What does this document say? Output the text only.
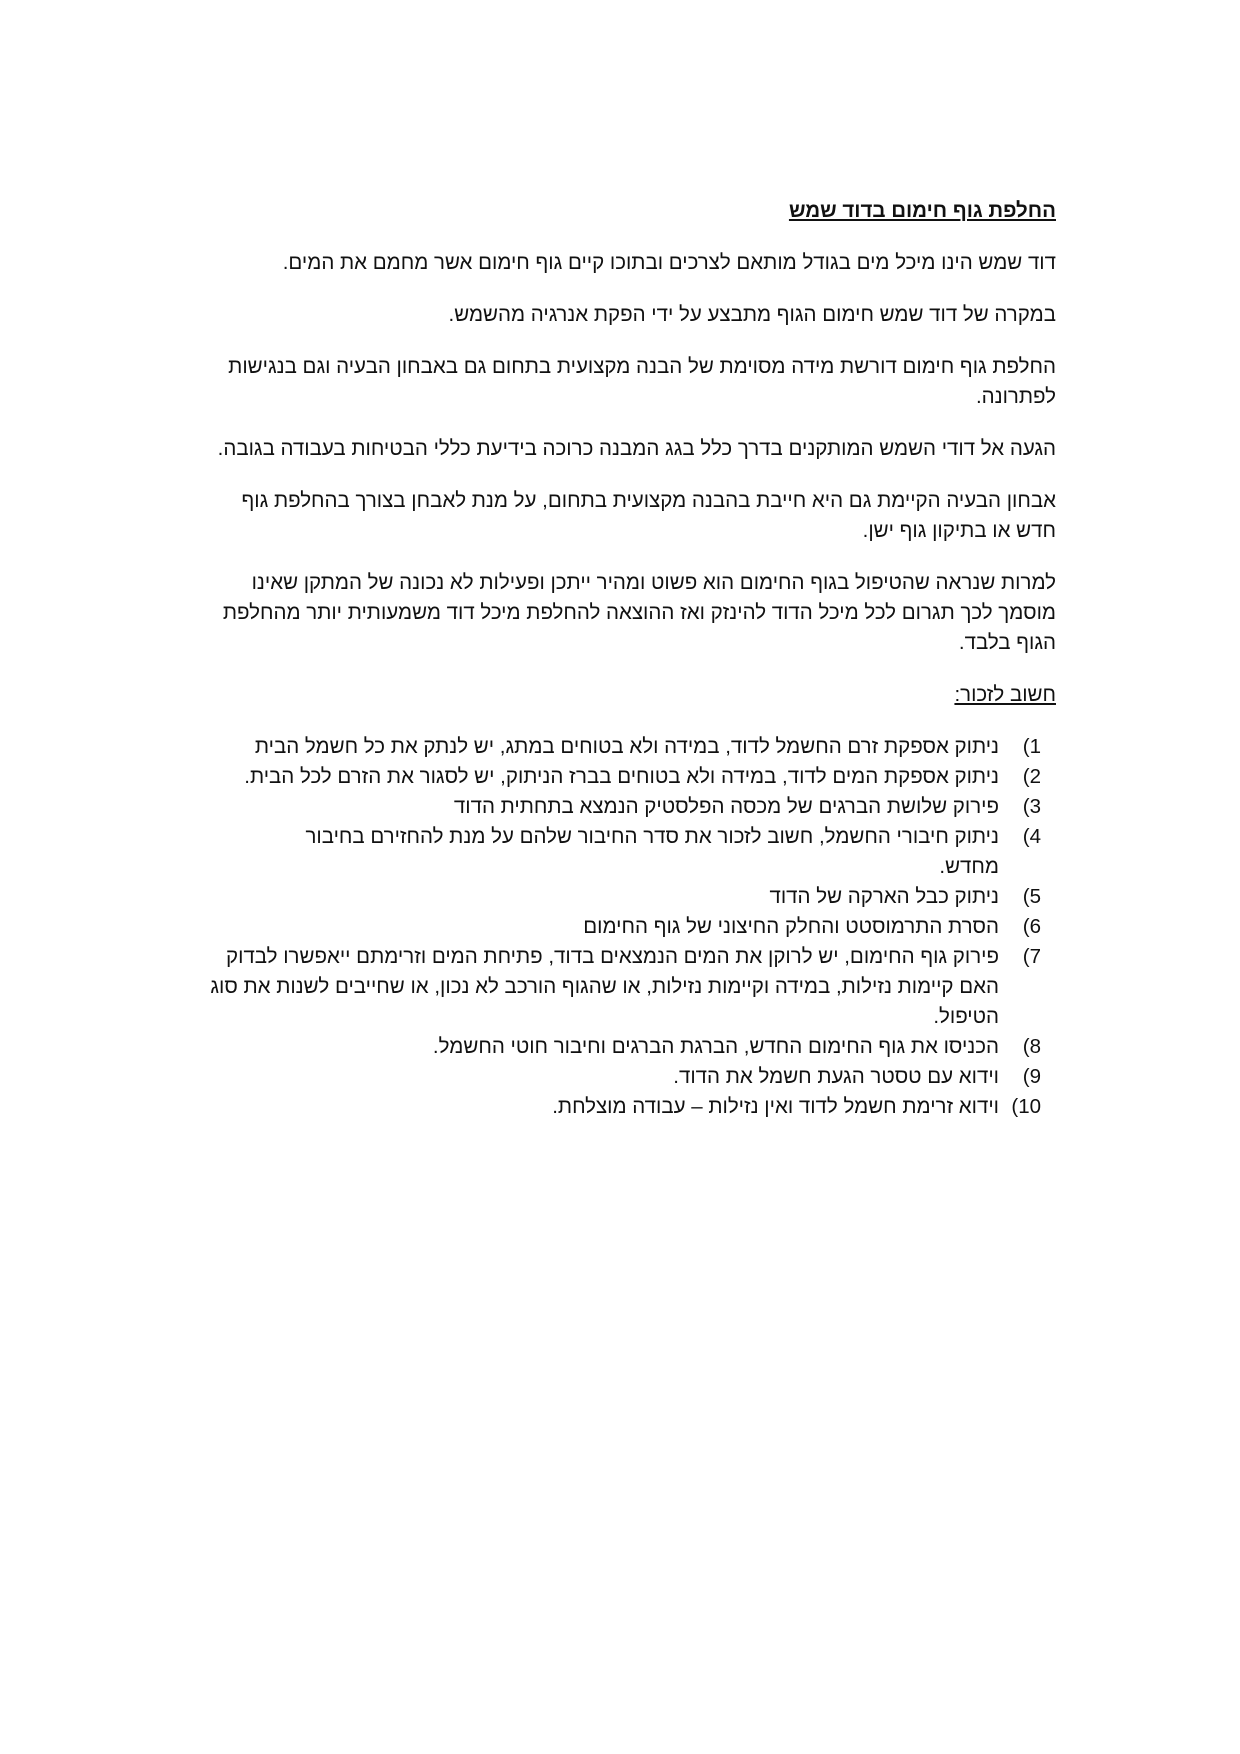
החלפת גוף חימום בדוד שמש

דוד שמש הינו מיכל מים בגודל מותאם לצרכים ובתוכו קיים גוף חימום אשר מחמם את המים.

במקרה של דוד שמש חימום הגוף מתבצע על ידי הפקת אנרגיה מהשמש.

החלפת גוף חימום דורשת מידה מסוימת של הבנה מקצועית בתחום גם באבחון הבעיה וגם בנגישות לפתרונה.

הגעה אל דודי השמש המותקנים בדרך כלל בגג המבנה כרוכה בידיעת כללי הבטיחות בעבודה בגובה.

אבחון הבעיה הקיימת גם היא חייבת בהבנה מקצועית בתחום, על מנת לאבחן בצורך בהחלפת גוף חדש או בתיקון גוף ישן.

למרות שנראה שהטיפול בגוף החימום הוא פשוט ומהיר ייתכן ופעילות לא נכונה של המתקן שאינו מוסמך לכך תגרום לכל מיכל הדוד להינזק ואז ההוצאה להחלפת מיכל דוד משמעותית יותר מהחלפת הגוף בלבד.

חשוב לזכור:

1)
ניתוק אספקת זרם החשמל לדוד, במידה ולא בטוחים במתג, יש לנתק את כל חשמל הבית
2)
ניתוק אספקת המים לדוד, במידה ולא בטוחים בברז הניתוק, יש לסגור את הזרם לכל הבית.
3)
פירוק שלושת הברגים של מכסה הפלסטיק הנמצא בתחתית הדוד
4)
ניתוק חיבורי החשמל, חשוב לזכור את סדר החיבור שלהם על מנת להחזירם בחיבור מחדש.
5)
ניתוק כבל הארקה של הדוד
6)
הסרת התרמוסטט והחלק החיצוני של גוף החימום
7)
פירוק גוף החימום, יש לרוקן את המים הנמצאים בדוד, פתיחת המים וזרימתם ייאפשרו לבדוק האם קיימות נזילות, במידה וקיימות נזילות, או שהגוף הורכב לא נכון, או שחייבים לשנות את סוג הטיפול.
8)
הכניסו את גוף החימום החדש, הברגת הברגים וחיבור חוטי החשמל.
9)
וידוא עם טסטר הגעת חשמל את הדוד.
10)
וידוא זרימת חשמל לדוד ואין נזילות – עבודה מוצלחת.
